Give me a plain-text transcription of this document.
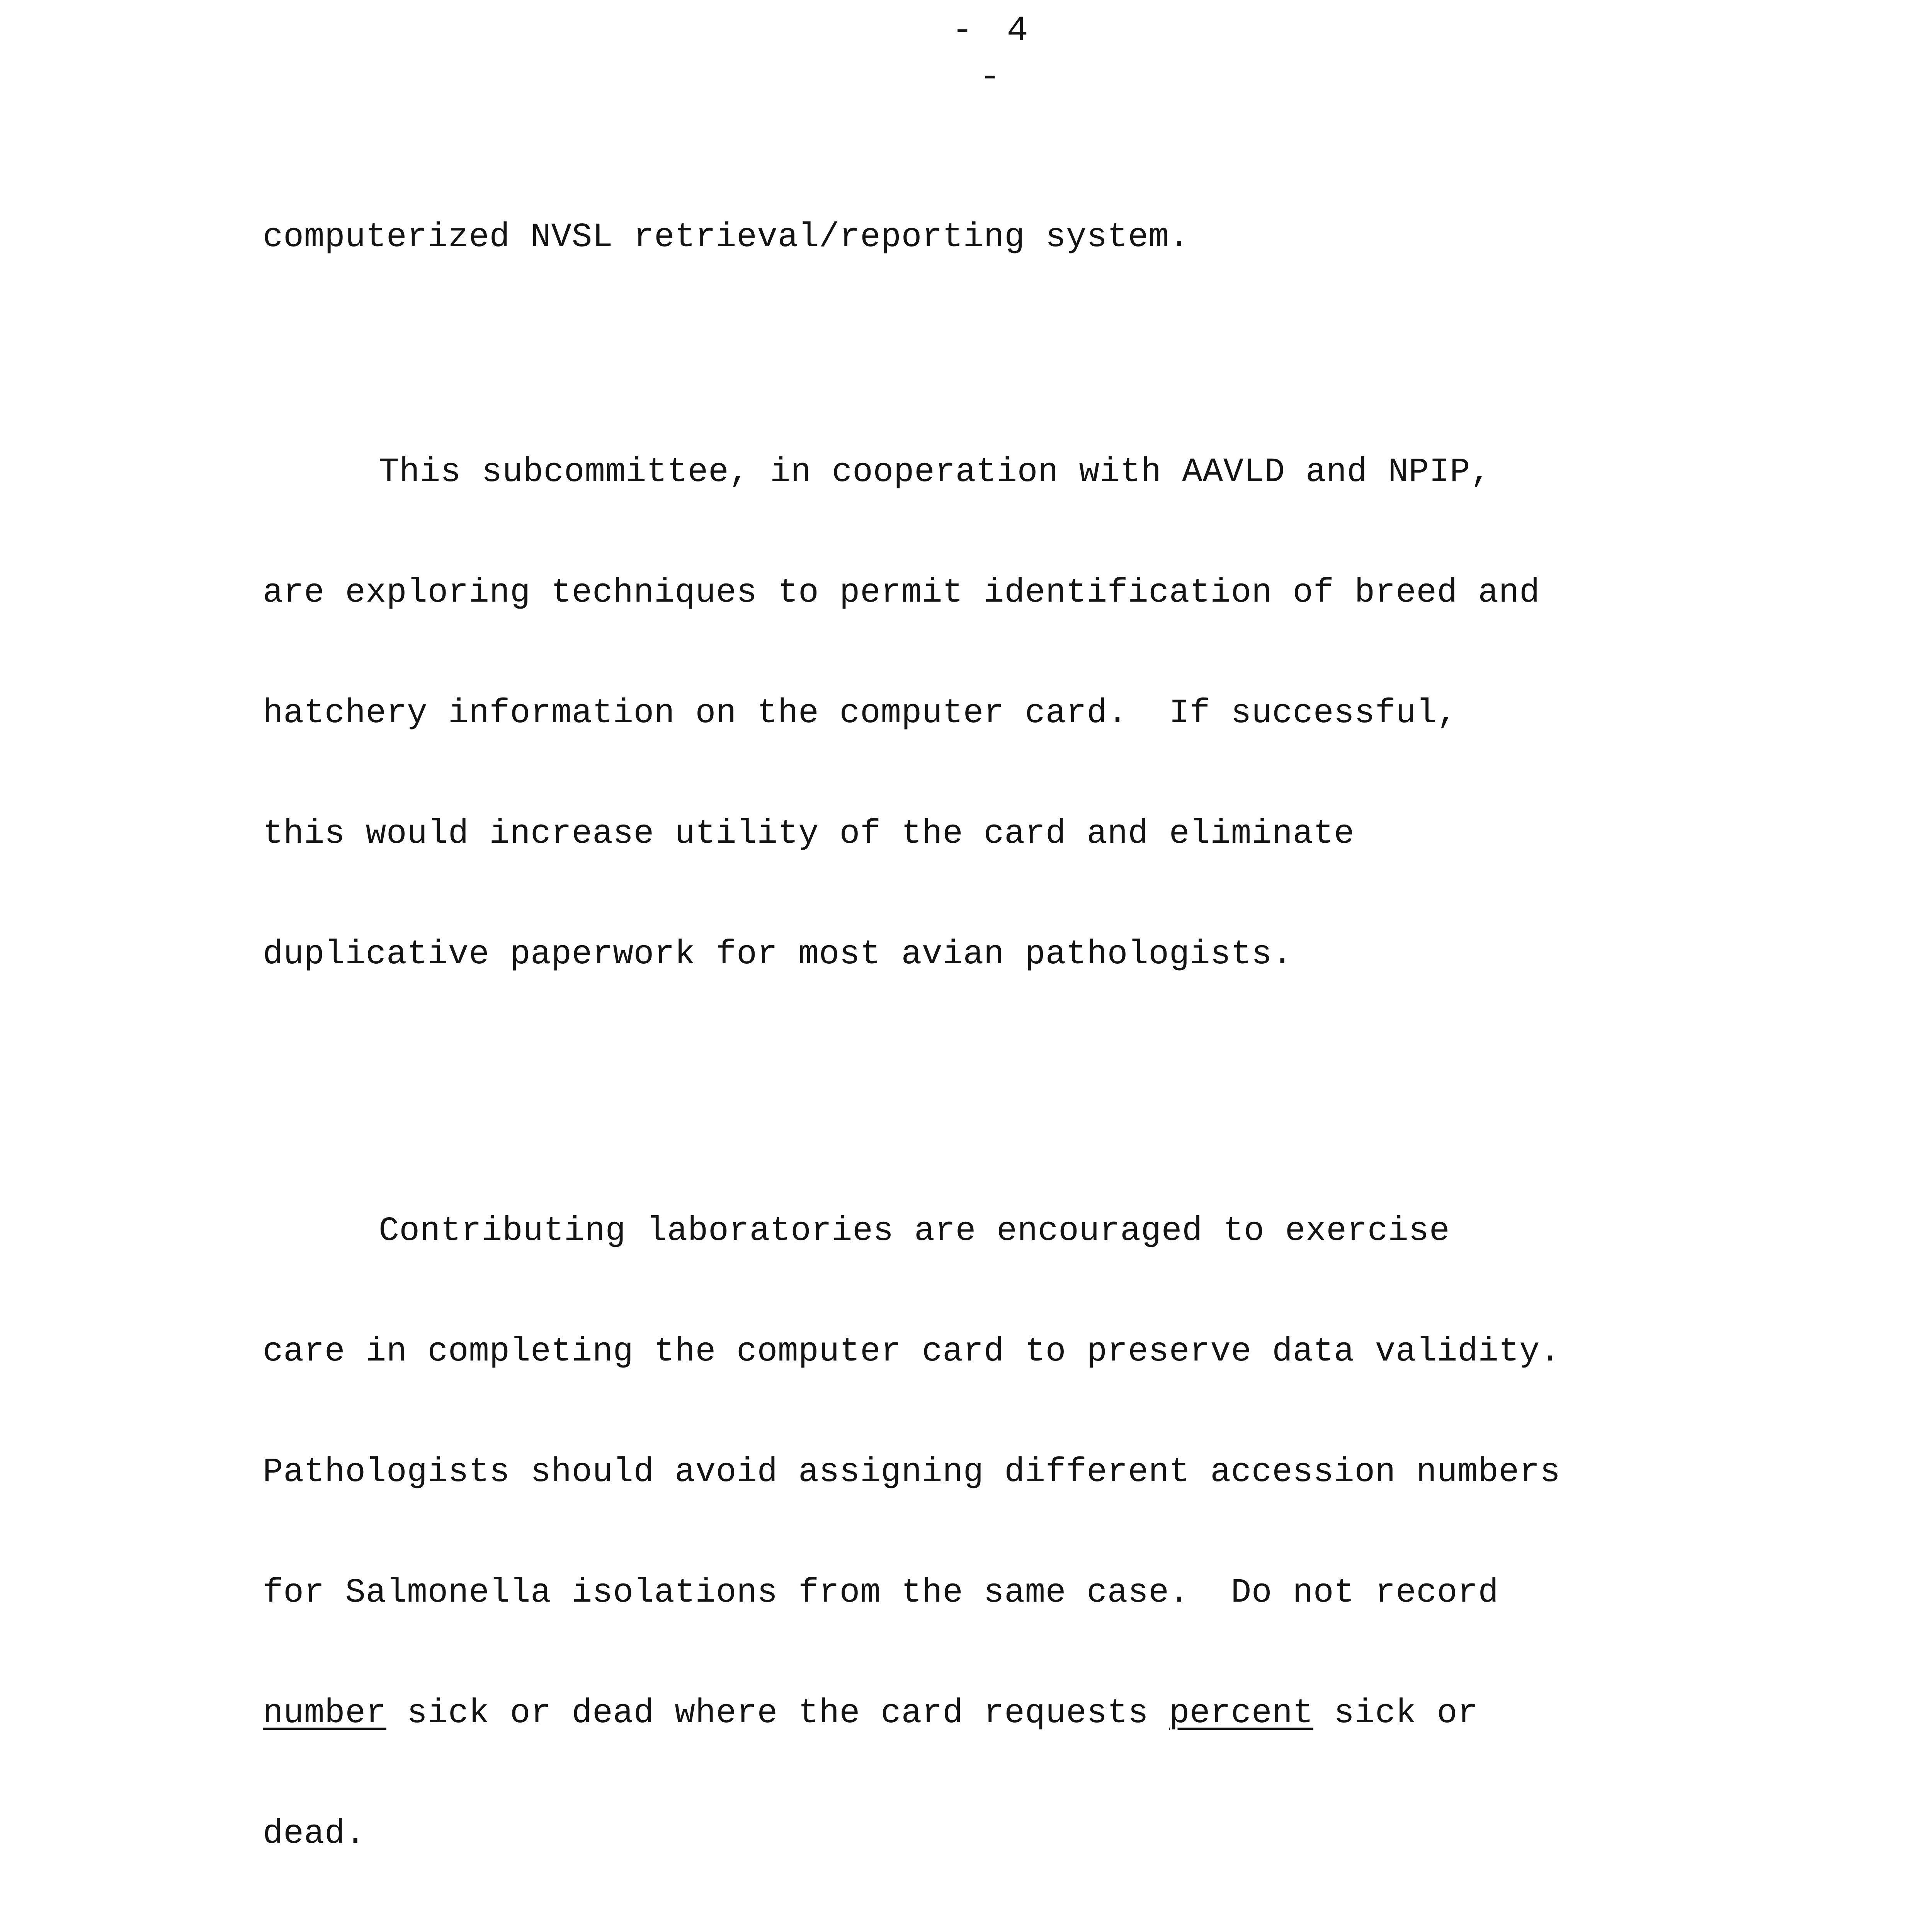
- 4 -

computerized NVSL retrieval/reporting system.

This subcommittee, in cooperation with AAVLD and NPIP,

are exploring techniques to permit identification of breed and

hatchery information on the computer card.  If successful,

this would increase utility of the card and eliminate

duplicative paperwork for most avian pathologists.

Contributing laboratories are encouraged to exercise

care in completing the computer card to preserve data validity.

Pathologists should avoid assigning different accession numbers

for Salmonella isolations from the same case.  Do not record

number sick or dead where the card requests percent sick or

dead.
